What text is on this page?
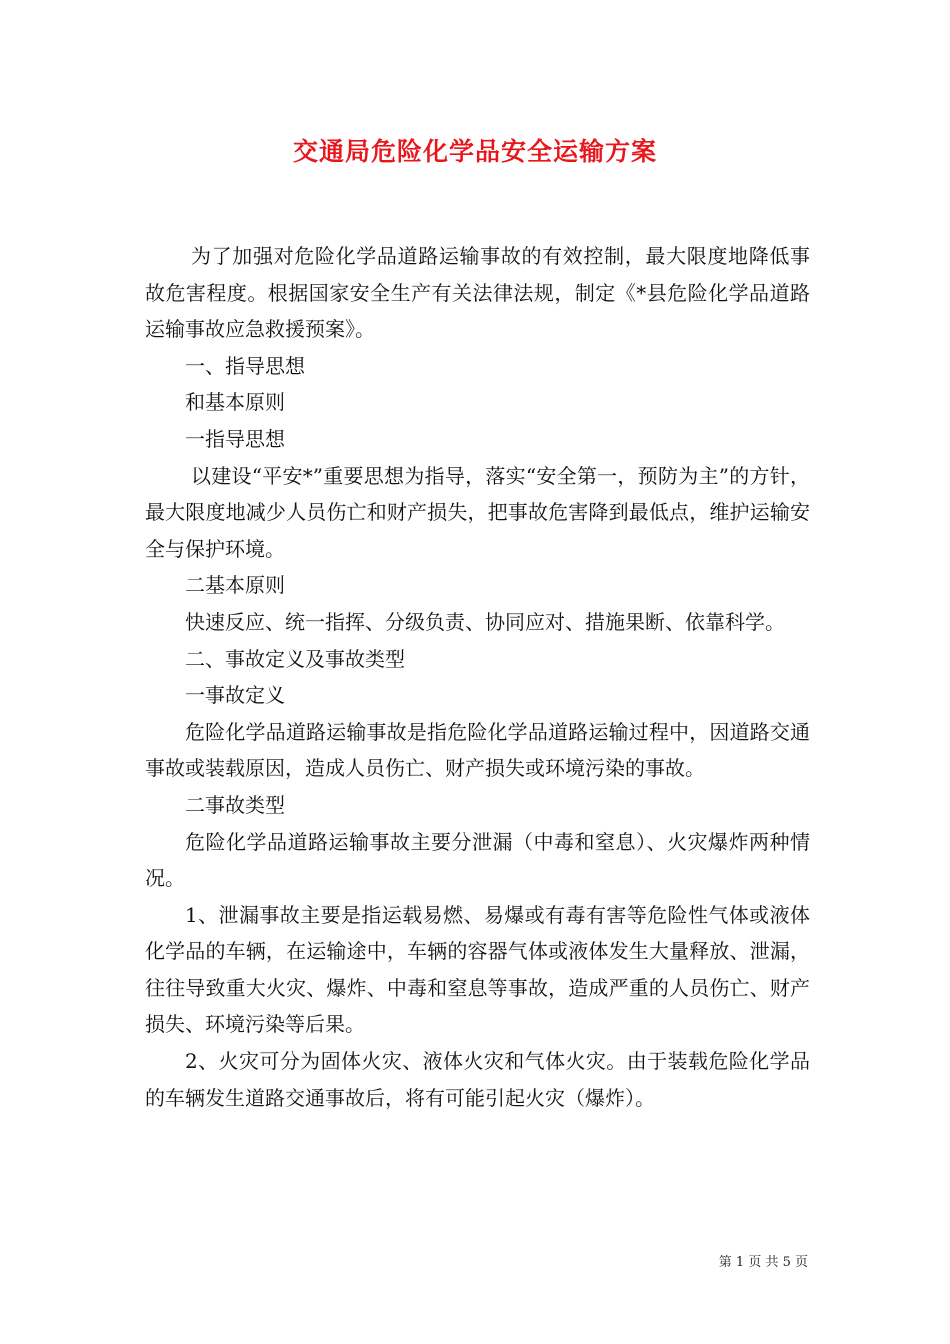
交通局危险化学品安全运输方案

为了加强对危险化学品道路运输事故的有效控制，最大限度地降低事故危害程度。根据国家安全生产有关法律法规，制定《*县危险化学品道路运输事故应急救援预案》。

一、指导思想

和基本原则

一指导思想

以建设“平安*”重要思想为指导，落实“安全第一，预防为主”的方针，最大限度地减少人员伤亡和财产损失，把事故危害降到最低点，维护运输安全与保护环境。

二基本原则

快速反应、统一指挥、分级负责、协同应对、措施果断、依靠科学。

二、事故定义及事故类型

一事故定义

危险化学品道路运输事故是指危险化学品道路运输过程中，因道路交通事故或装载原因，造成人员伤亡、财产损失或环境污染的事故。

二事故类型

危险化学品道路运输事故主要分泄漏（中毒和窒息）、火灾爆炸两种情况。

1、泄漏事故主要是指运载易燃、易爆或有毒有害等危险性气体或液体化学品的车辆，在运输途中，车辆的容器气体或液体发生大量释放、泄漏，往往导致重大火灾、爆炸、中毒和窒息等事故，造成严重的人员伤亡、财产损失、环境污染等后果。

2、火灾可分为固体火灾、液体火灾和气体火灾。由于装载危险化学品的车辆发生道路交通事故后，将有可能引起火灾（爆炸）。

第 1 页 共 5 页
